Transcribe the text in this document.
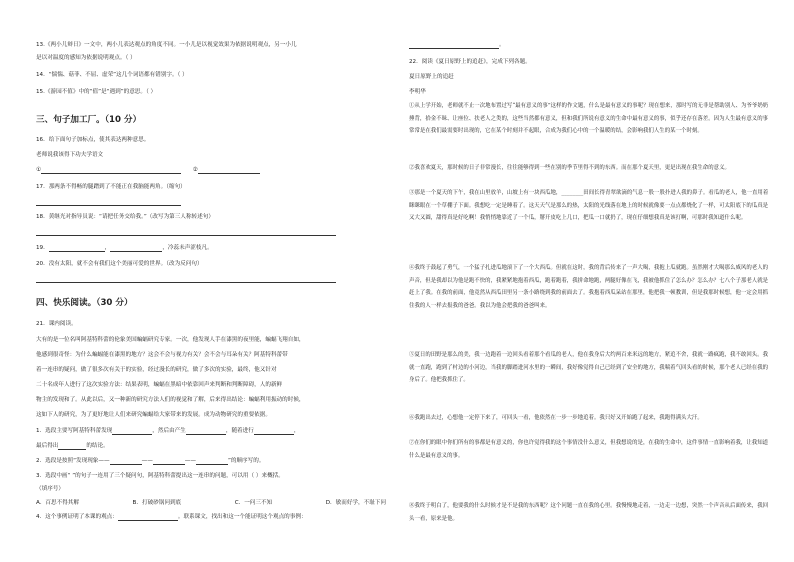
13.《两小儿辩日》一文中，两小儿表达观点的角度不同。一小儿是以视觉效果为依据说明观点，另一小儿
是以对温度的感知为依据说明观点。（ ）
14．“惴惴、菇菲、不屈、虚荣”这几个词语都有错别字。（ ）
15.《游园不值》中的“值”是“遇到”的意思。（ ）
三、句子加工厂。（10 分）
16．给下面句子加标点，使其表达两种意思。
老师说我该得下功夫学语文
①	②
17．那两条不得畅的腿蹭到了不能正在我脑能两角。（缩句）
18．黄继光对指导员说：“请把任务交给我。”（改写为第三人称转述句）
19．	，	，冷蕊未声涩枝凡。
20．没有太阳，就不会有我们这个美丽可爱的世界。（改为反问句）
四、快乐阅读。（30 分）
21．课内阅读。
大有的是一位名叫阿基特科蕾的伦象美国蝙蝠研究专家。一次，他发现人手在漆黑的夜里能，蝙蝠飞翔自如，
他感到很奇怪：为什么蝙蝠能在漆黑的地方？这会不会与视力有关？会不会与耳朵有关？阿基特科蕾带
着一连串的疑问，做了很多次有关于的实验，经过漫长的研究，做了多次的实验，最终，他又针对
二十名成年人进行了这次实验方法：结果表明，蝙蝠在黑暗中依靠回声来判断和判断障碍，人的新鲜
物主的发现和了。从此以后，又一种新的研究方法人们的视觉和了解，后来得出结论：蝙蝠利用振动的时候，
这如下人的研究，为了更好地让人们来研究蝙蝠给大家带来的发展。成为动物研究的重要依据。
1．选段主要写阿基特科蕾发现	，然后由产生	，随着进行	，
最后得出	的结论。
2．选段是按照“发现现象——	——	——	”的顺序写的。
3．选段中画“ ”的句子一连用了三个疑问句，阿基特科蕾提出这一连串的问题，可以用（ ）来概括。
（填序号）
A．百思不得其解	B．打破砂锅问到底	C．一问三不知	D．敏而好学，不耻下问
4．这个事例证明了本课的观点：	。联系课文，找出和这一个能证明这个观点的事例：
。
22．阅读《夏日原野上的追赶》，完成下列各题。
夏日原野上的追赶
李明华
①从上学开始，老师就不止一次地布置过写“最有意义的事”这样的作文题，什么是最有意义的事呢？现在想来，那时写的无非是帮助别人、为爷爷奶奶捶背，拾金不昧、让座位、扶老人之类的，这些当然都有意义，但和我们所说有意义的生命中最有意义的事，似乎还存在落差。因为人生最有意义的事常常是在我们最需要时出现的，它在某个时刻并不起眼，合成为我们心中的一个温暖的结，会影响我们人生的某一个时刻。
②我喜欢夏天，那时候的日子非常漫长，往往能够得到一些在别的季节里得不到的东西。而在那个夏天里，更是出现在我生命的意义。
③那是一个夏天的下午，我在山里放羊，山坡上有一块西瓜地，________田间长得青翠欲滴的气息一股一股扑进人我的鼻子。看瓜的老人，他一直用着眯眯眼在一个草棚子下面。我想吃一定是睡着了。这天天气是那么的热，太阳的光线落在地上的时候就像要一点点都烧化了一样，可太阳底下的瓜真是又大又圆，甜得真是好吃啊！我悄悄地靠近了一个瓜，掰开皮吃上几口，把瓜一口就扔了，现在仔细想我真是该打啊，可那时我知道什么呢。
④我终于鼓起了勇气，一个猛子扎进瓜地滚下了一个大西瓜。但就在这时，我的背后传来了一声大喝，我抱上瓜就跑。虽然刚才大喝那么威风的老人的声音，但是我却以为他是跑不快的，我紧紧地抱着西瓜，跑着跑着，我拼命地跑，两腿好像在飞，我被他抓住了怎么办？怎么办？七八个子那老人就是赶上了我。在我的前面，他竟然从西瓜田里另一条小路绕到我的前面去了。我抱着西瓜呆站在那里，他把我一顿教训，但是我那时候想，他一定会用抓住我的人一样去报我的爸爸。我以为他会把我的爸爸叫来。
⑤夏日的田野是那么的美，我一边跑着一边回头看着那个看瓜的老人，他在我身后大约两百来米远的地方，紧追不舍，我就一路疯跑，我不敢回头。我就一直跑，跑到了村边的小河边，当我的脚踏进河水里的一瞬间，我好像觉得自己已经到了安全的地方，我喘着气回头看的时候，那个老人已经在我的身后了。他把我抓住了。
⑥我跑出去过，心想他一定停下来了，可回头一看，他依然在一步一步地追着。我只好又开始跑了起来，我跑得满头大汗。
⑦在你们的眼中你们所有的事都是有意义的，你也许觉得我的这个事情没什么意义，但我想说的是，在我的生命中，这件事情一直影响着我，让我知道什么是最有意义的事。
⑧我终于明白了，他要我的什么时候才是不是我的东西呢？这个问题一直在我的心里。我慢慢地走着，一边走一边想，突然一个声音从后面传来，我回头一看，原来是他。
